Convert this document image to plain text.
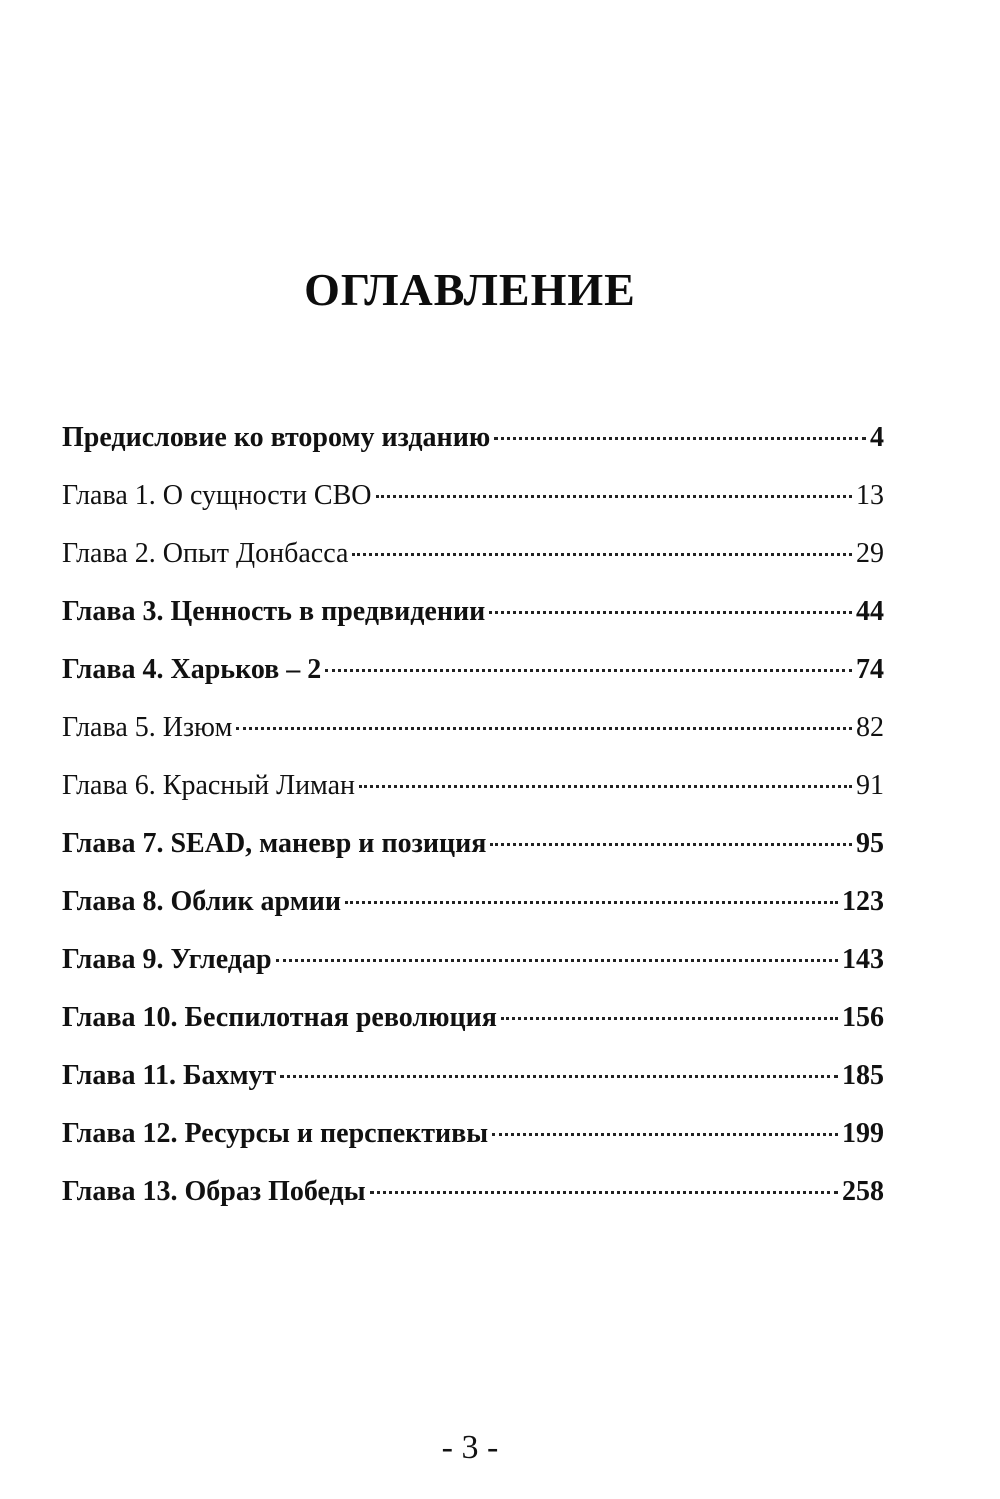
ОГЛАВЛЕНИЕ
Предисловие ко второму изданию	4
Глава 1. О сущности СВО	13
Глава 2. Опыт Донбасса	29
Глава 3. Ценность в предвидении	44
Глава 4. Харьков – 2	74
Глава 5. Изюм	82
Глава 6. Красный Лиман	91
Глава 7. SEAD, маневр и позиция	95
Глава 8. Облик армии	123
Глава 9. Угледар	143
Глава 10. Беспилотная революция	156
Глава 11. Бахмут	185
Глава 12. Ресурсы и перспективы	199
Глава 13. Образ Победы	258
- 3 -
